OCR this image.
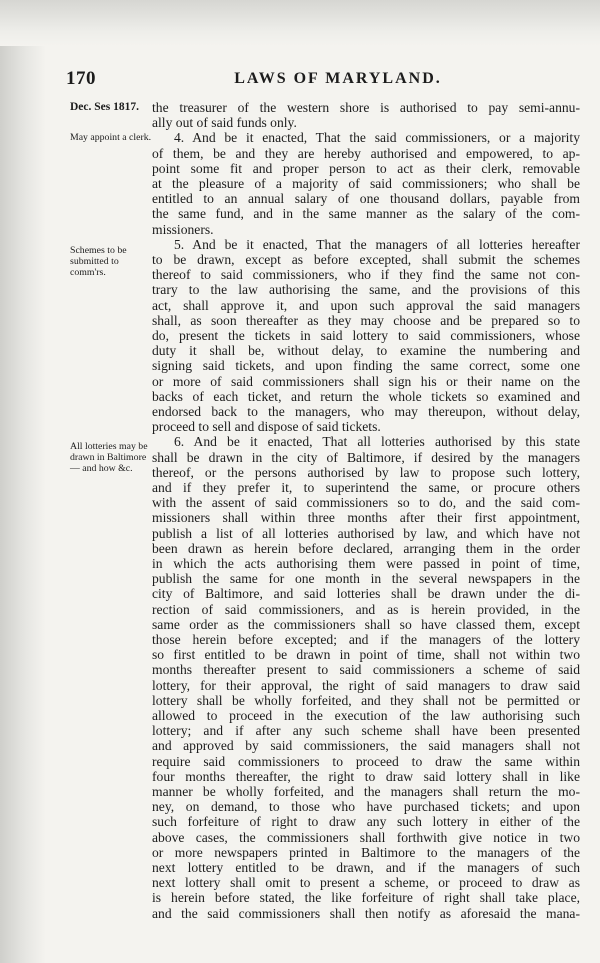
170	LAWS OF MARYLAND.
Dec. Ses 1817.
May appoint a clerk.
Schemes to be submitted to comm'rs.
All lotteries may be drawn in Baltimore— and how &c.
the treasurer of the western shore is authorised to pay semi-annu-
ally out of said funds only.
4. And be it enacted, That the said commissioners, or a majority
of them, be and they are hereby authorised and empowered, to ap-
point some fit and proper person to act as their clerk, removable
at the pleasure of a majority of said commissioners; who shall be
entitled to an annual salary of one thousand dollars, payable from
the same fund, and in the same manner as the salary of the com-
missioners.
5. And be it enacted, That the managers of all lotteries hereafter
to be drawn, except as before excepted, shall submit the schemes
thereof to said commissioners, who if they find the same not con-
trary to the law authorising the same, and the provisions of this
act, shall approve it, and upon such approval the said managers
shall, as soon thereafter as they may choose and be prepared so to
do, present the tickets in said lottery to said commissioners, whose
duty it shall be, without delay, to examine the numbering and
signing said tickets, and upon finding the same correct, some one
or more of said commissioners shall sign his or their name on the
backs of each ticket, and return the whole tickets so examined and
endorsed back to the managers, who may thereupon, without delay,
proceed to sell and dispose of said tickets.
6. And be it enacted, That all lotteries authorised by this state
shall be drawn in the city of Baltimore, if desired by the managers
thereof, or the persons authorised by law to propose such lottery,
and if they prefer it, to superintend the same, or procure others
with the assent of said commissioners so to do, and the said com-
missioners shall within three months after their first appointment,
publish a list of all lotteries authorised by law, and which have not
been drawn as herein before declared, arranging them in the order
in which the acts authorising them were passed in point of time,
publish the same for one month in the several newspapers in the
city of Baltimore, and said lotteries shall be drawn under the di-
rection of said commissioners, and as is herein provided, in the
same order as the commissioners shall so have classed them, except
those herein before excepted; and if the managers of the lottery
so first entitled to be drawn in point of time, shall not within two
months thereafter present to said commissioners a scheme of said
lottery, for their approval, the right of said managers to draw said
lottery shall be wholly forfeited, and they shall not be permitted or
allowed to proceed in the execution of the law authorising such
lottery; and if after any such scheme shall have been presented
and approved by said commissioners, the said managers shall not
require said commissioners to proceed to draw the same within
four months thereafter, the right to draw said lottery shall in like
manner be wholly forfeited, and the managers shall return the mo-
ney, on demand, to those who have purchased tickets; and upon
such forfeiture of right to draw any such lottery in either of the
above cases, the commissioners shall forthwith give notice in two
or more newspapers printed in Baltimore to the managers of the
next lottery entitled to be drawn, and if the managers of such
next lottery shall omit to present a scheme, or proceed to draw as
is herein before stated, the like forfeiture of right shall take place,
and the said commissioners shall then notify as aforesaid the mana-
